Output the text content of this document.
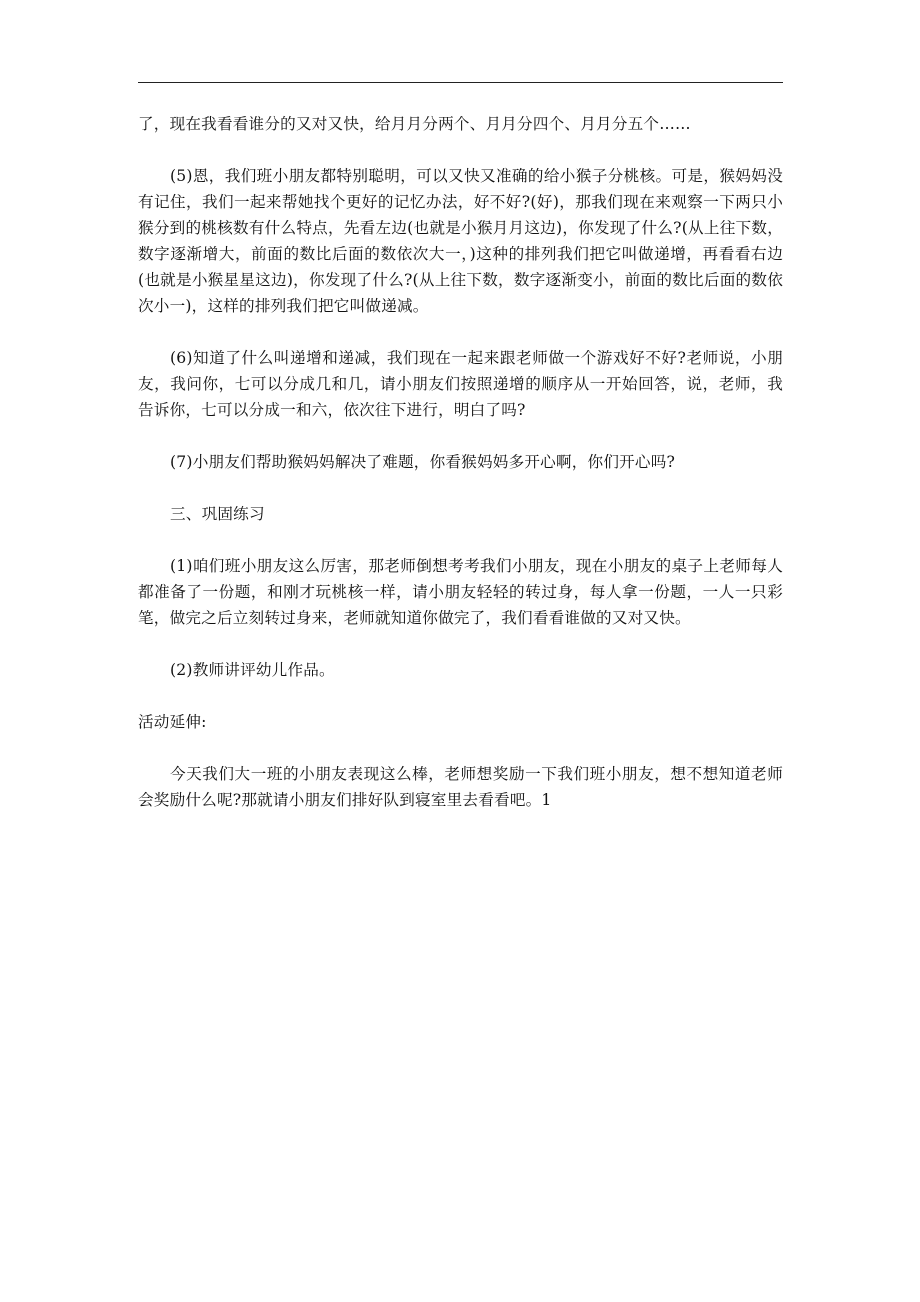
了，现在我看看谁分的又对又快，给月月分两个、月月分四个、月月分五个……

(5)恩，我们班小朋友都特别聪明，可以又快又准确的给小猴子分桃核。可是，猴妈妈没有记住，我们一起来帮她找个更好的记忆办法，好不好?(好)，那我们现在来观察一下两只小猴分到的桃核数有什么特点，先看左边(也就是小猴月月这边)，你发现了什么?(从上往下数，数字逐渐增大，前面的数比后面的数依次大一，)这种的排列我们把它叫做递增，再看看右边(也就是小猴星星这边)，你发现了什么?(从上往下数，数字逐渐变小，前面的数比后面的数依次小一)，这样的排列我们把它叫做递减。

(6)知道了什么叫递增和递减，我们现在一起来跟老师做一个游戏好不好?老师说，小朋友，我问你，七可以分成几和几，请小朋友们按照递增的顺序从一开始回答，说，老师，我告诉你，七可以分成一和六，依次往下进行，明白了吗?

(7)小朋友们帮助猴妈妈解决了难题，你看猴妈妈多开心啊，你们开心吗?

三、巩固练习

(1)咱们班小朋友这么厉害，那老师倒想考考我们小朋友，现在小朋友的桌子上老师每人都准备了一份题，和刚才玩桃核一样，请小朋友轻轻的转过身，每人拿一份题，一人一只彩笔，做完之后立刻转过身来，老师就知道你做完了，我们看看谁做的又对又快。

(2)教师讲评幼儿作品。

活动延伸:

今天我们大一班的小朋友表现这么棒，老师想奖励一下我们班小朋友，想不想知道老师会奖励什么呢?那就请小朋友们排好队到寝室里去看看吧。1
